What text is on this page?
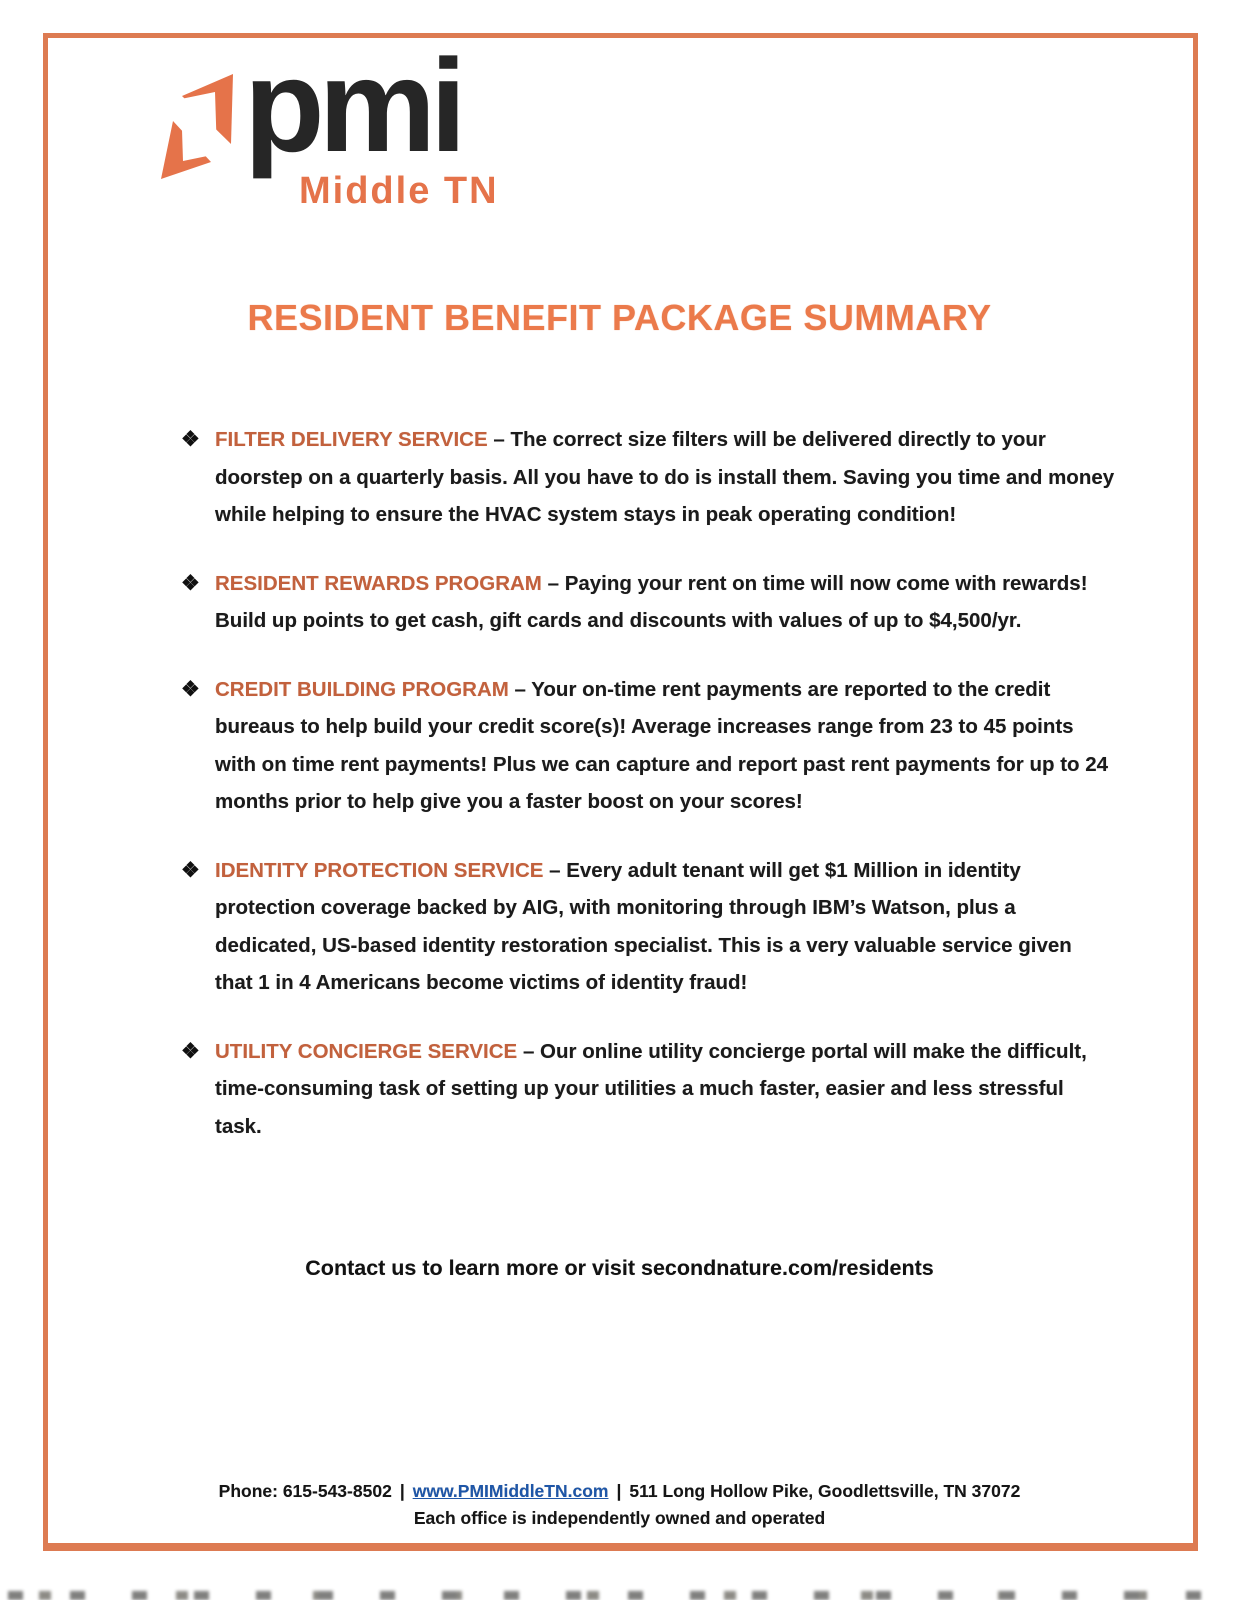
pmi
Middle TN
RESIDENT BENEFIT PACKAGE SUMMARY
❖ FILTER DELIVERY SERVICE – The correct size filters will be delivered directly to your doorstep on a quarterly basis. All you have to do is install them. Saving you time and money while helping to ensure the HVAC system stays in peak operating condition!
❖ RESIDENT REWARDS PROGRAM – Paying your rent on time will now come with rewards! Build up points to get cash, gift cards and discounts with values of up to $4,500/yr.
❖ CREDIT BUILDING PROGRAM – Your on-time rent payments are reported to the credit bureaus to help build your credit score(s)! Average increases range from 23 to 45 points with on time rent payments! Plus we can capture and report past rent payments for up to 24 months prior to help give you a faster boost on your scores!
❖ IDENTITY PROTECTION SERVICE – Every adult tenant will get $1 Million in identity protection coverage backed by AIG, with monitoring through IBM’s Watson, plus a dedicated, US-based identity restoration specialist. This is a very valuable service given that 1 in 4 Americans become victims of identity fraud!
❖ UTILITY CONCIERGE SERVICE – Our online utility concierge portal will make the difficult, time-consuming task of setting up your utilities a much faster, easier and less stressful task.
Contact us to learn more or visit secondnature.com/residents
Phone: 615-543-8502 | www.PMIMiddleTN.com | 511 Long Hollow Pike, Goodlettsville, TN 37072
Each office is independently owned and operated
